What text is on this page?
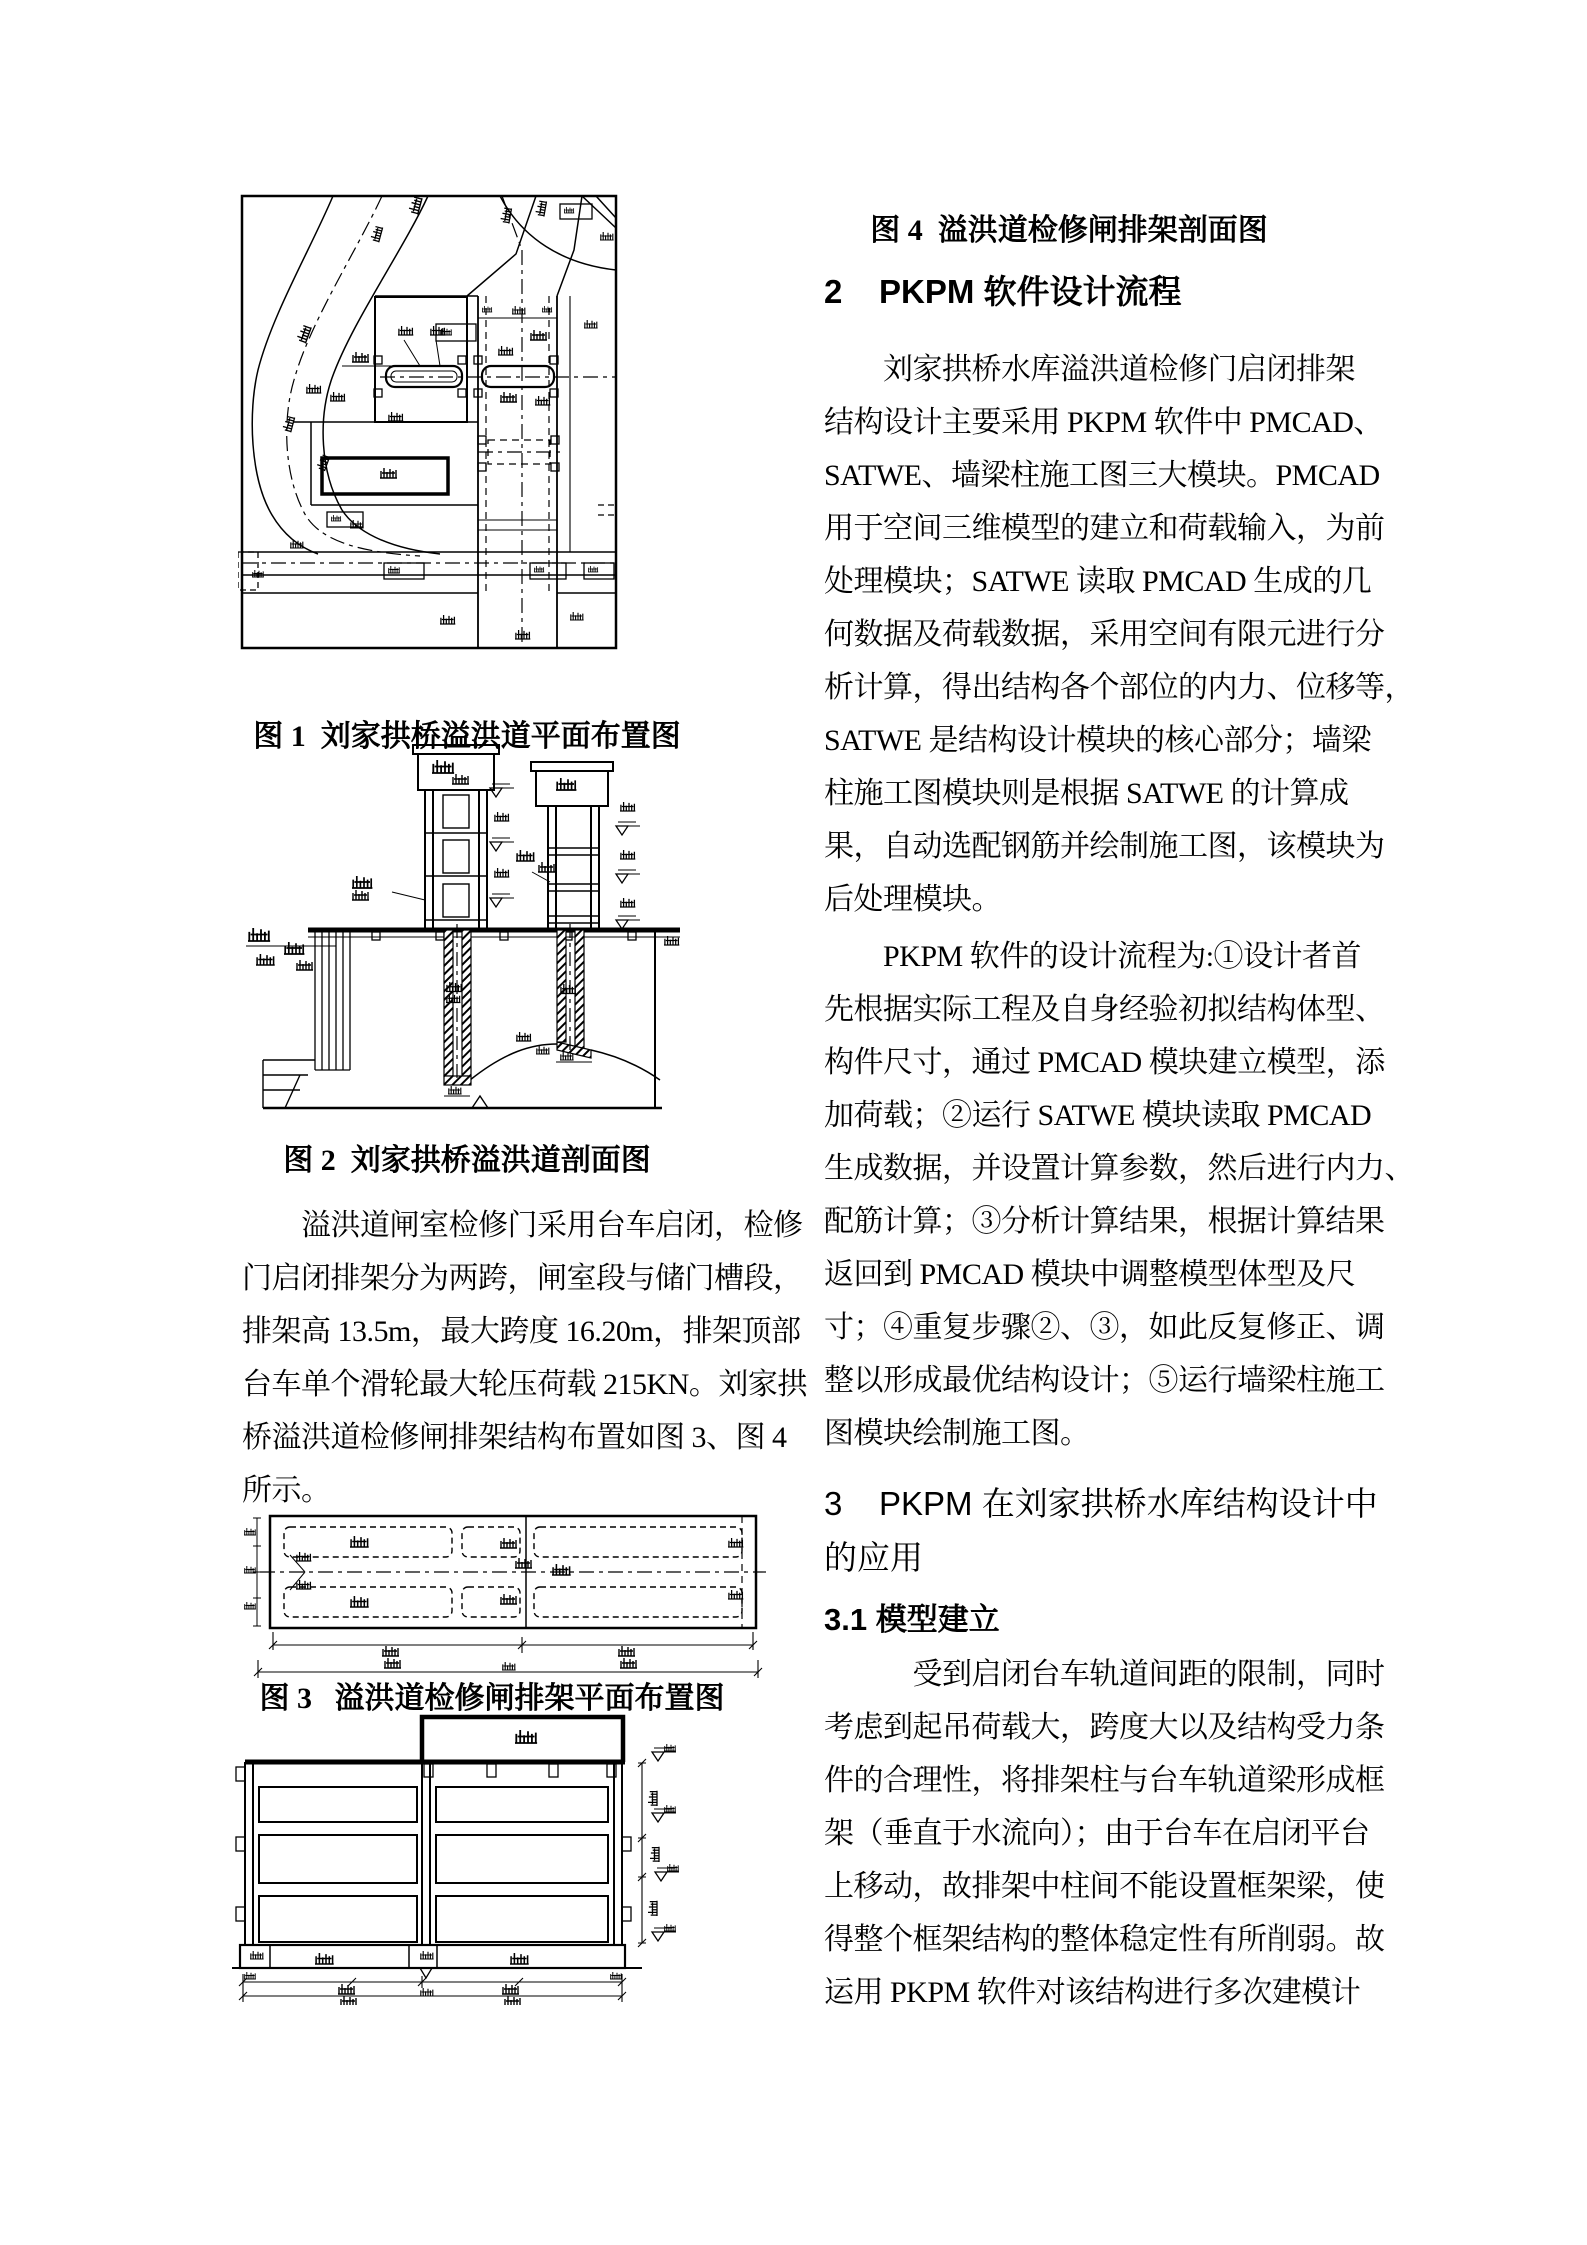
图 1  刘家拱桥溢洪道平面布置图
图 2  刘家拱桥溢洪道剖面图
　　溢洪道闸室检修门采用台车启闭，检修
门启闭排架分为两跨，闸室段与储门槽段，
排架高 13.5m，最大跨度 16.20m，排架顶部
台车单个滑轮最大轮压荷载 215KN。刘家拱
桥溢洪道检修闸排架结构布置如图 3、图 4
所示。
图 3   溢洪道检修闸排架平面布置图
图 4  溢洪道检修闸排架剖面图
2    PKPM 软件设计流程
　　刘家拱桥水库溢洪道检修门启闭排架
结构设计主要采用 PKPM 软件中 PMCAD、
SATWE、墙梁柱施工图三大模块。PMCAD
用于空间三维模型的建立和荷载输入，为前
处理模块；SATWE 读取 PMCAD 生成的几
何数据及荷载数据，采用空间有限元进行分
析计算，得出结构各个部位的内力、位移等，
SATWE 是结构设计模块的核心部分；墙梁
柱施工图模块则是根据 SATWE 的计算成
果，自动选配钢筋并绘制施工图，该模块为
后处理模块。
　　PKPM 软件的设计流程为:①设计者首
先根据实际工程及自身经验初拟结构体型、
构件尺寸，通过 PMCAD 模块建立模型，添
加荷载；②运行 SATWE 模块读取 PMCAD
生成数据，并设置计算参数，然后进行内力、
配筋计算；③分析计算结果，根据计算结果
返回到 PMCAD 模块中调整模型体型及尺
寸；④重复步骤②、③，如此反复修正、调
整以形成最优结构设计；⑤运行墙梁柱施工
图模块绘制施工图。
3    PKPM 在刘家拱桥水库结构设计中
的应用
3.1 模型建立
　　　受到启闭台车轨道间距的限制，同时
考虑到起吊荷载大，跨度大以及结构受力条
件的合理性，将排架柱与台车轨道梁形成框
架（垂直于水流向）；由于台车在启闭平台
上移动，故排架中柱间不能设置框架梁，使
得整个框架结构的整体稳定性有所削弱。故
运用 PKPM 软件对该结构进行多次建模计
